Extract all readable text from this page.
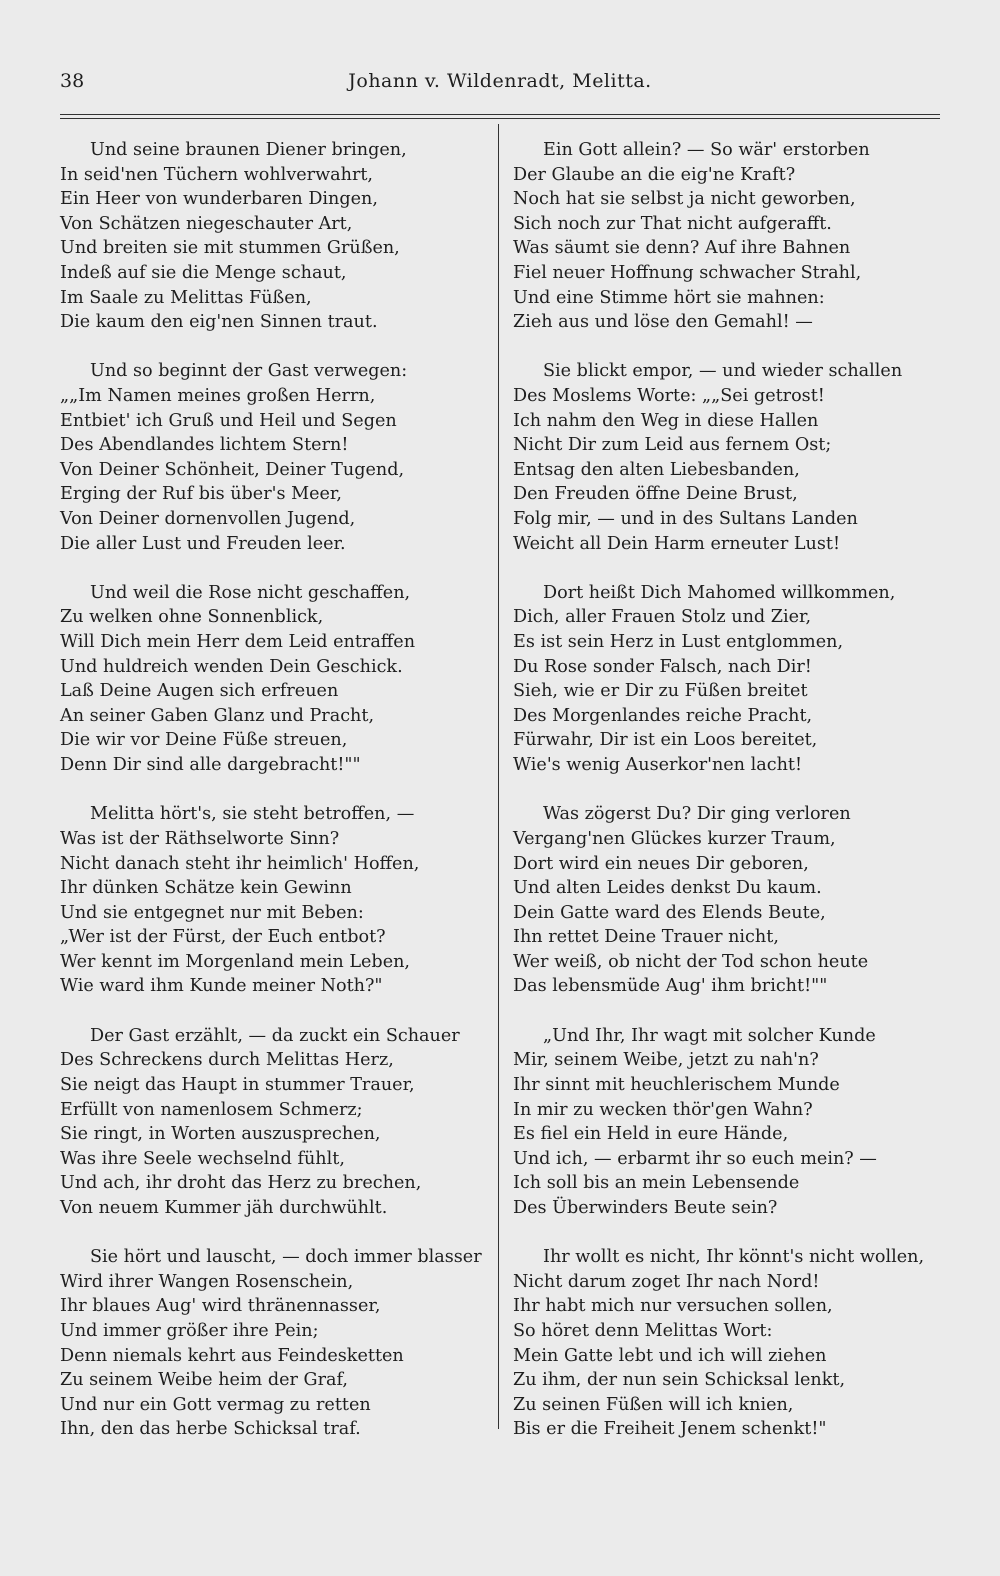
38	Johann v. Wildenradt, Melitta.
Und seine braunen Diener bringen,
In seid'nen Tüchern wohlverwahrt,
Ein Heer von wunderbaren Dingen,
Von Schätzen niegeschauter Art,
Und breiten sie mit stummen Grüßen,
Indeß auf sie die Menge schaut,
Im Saale zu Melittas Füßen,
Die kaum den eig'nen Sinnen traut.
Und so beginnt der Gast verwegen:
„„Im Namen meines großen Herrn,
Entbiet' ich Gruß und Heil und Segen
Des Abendlandes lichtem Stern!
Von Deiner Schönheit, Deiner Tugend,
Erging der Ruf bis über's Meer,
Von Deiner dornenvollen Jugend,
Die aller Lust und Freuden leer.
Und weil die Rose nicht geschaffen,
Zu welken ohne Sonnenblick,
Will Dich mein Herr dem Leid entraffen
Und huldreich wenden Dein Geschick.
Laß Deine Augen sich erfreuen
An seiner Gaben Glanz und Pracht,
Die wir vor Deine Füße streuen,
Denn Dir sind alle dargebracht!""
Melitta hört's, sie steht betroffen, —
Was ist der Räthselworte Sinn?
Nicht danach steht ihr heimlich' Hoffen,
Ihr dünken Schätze kein Gewinn
Und sie entgegnet nur mit Beben:
„Wer ist der Fürst, der Euch entbot?
Wer kennt im Morgenland mein Leben,
Wie ward ihm Kunde meiner Noth?"
Der Gast erzählt, — da zuckt ein Schauer
Des Schreckens durch Melittas Herz,
Sie neigt das Haupt in stummer Trauer,
Erfüllt von namenlosem Schmerz;
Sie ringt, in Worten auszusprechen,
Was ihre Seele wechselnd fühlt,
Und ach, ihr droht das Herz zu brechen,
Von neuem Kummer jäh durchwühlt.
Sie hört und lauscht, — doch immer blasser
Wird ihrer Wangen Rosenschein,
Ihr blaues Aug' wird thränennasser,
Und immer größer ihre Pein;
Denn niemals kehrt aus Feindesketten
Zu seinem Weibe heim der Graf,
Und nur ein Gott vermag zu retten
Ihn, den das herbe Schicksal traf.
Ein Gott allein? — So wär' erstorben
Der Glaube an die eig'ne Kraft?
Noch hat sie selbst ja nicht geworben,
Sich noch zur That nicht aufgerafft.
Was säumt sie denn? Auf ihre Bahnen
Fiel neuer Hoffnung schwacher Strahl,
Und eine Stimme hört sie mahnen:
Zieh aus und löse den Gemahl! —
Sie blickt empor, — und wieder schallen
Des Moslems Worte: „„Sei getrost!
Ich nahm den Weg in diese Hallen
Nicht Dir zum Leid aus fernem Ost;
Entsag den alten Liebesbanden,
Den Freuden öffne Deine Brust,
Folg mir, — und in des Sultans Landen
Weicht all Dein Harm erneuter Lust!
Dort heißt Dich Mahomed willkommen,
Dich, aller Frauen Stolz und Zier,
Es ist sein Herz in Lust entglommen,
Du Rose sonder Falsch, nach Dir!
Sieh, wie er Dir zu Füßen breitet
Des Morgenlandes reiche Pracht,
Fürwahr, Dir ist ein Loos bereitet,
Wie's wenig Auserkor'nen lacht!
Was zögerst Du? Dir ging verloren
Vergang'nen Glückes kurzer Traum,
Dort wird ein neues Dir geboren,
Und alten Leides denkst Du kaum.
Dein Gatte ward des Elends Beute,
Ihn rettet Deine Trauer nicht,
Wer weiß, ob nicht der Tod schon heute
Das lebensmüde Aug' ihm bricht!""
„Und Ihr, Ihr wagt mit solcher Kunde
Mir, seinem Weibe, jetzt zu nah'n?
Ihr sinnt mit heuchlerischem Munde
In mir zu wecken thör'gen Wahn?
Es fiel ein Held in eure Hände,
Und ich, — erbarmt ihr so euch mein? —
Ich soll bis an mein Lebensende
Des Überwinders Beute sein?
Ihr wollt es nicht, Ihr könnt's nicht wollen,
Nicht darum zoget Ihr nach Nord!
Ihr habt mich nur versuchen sollen,
So höret denn Melittas Wort:
Mein Gatte lebt und ich will ziehen
Zu ihm, der nun sein Schicksal lenkt,
Zu seinen Füßen will ich knien,
Bis er die Freiheit Jenem schenkt!"
